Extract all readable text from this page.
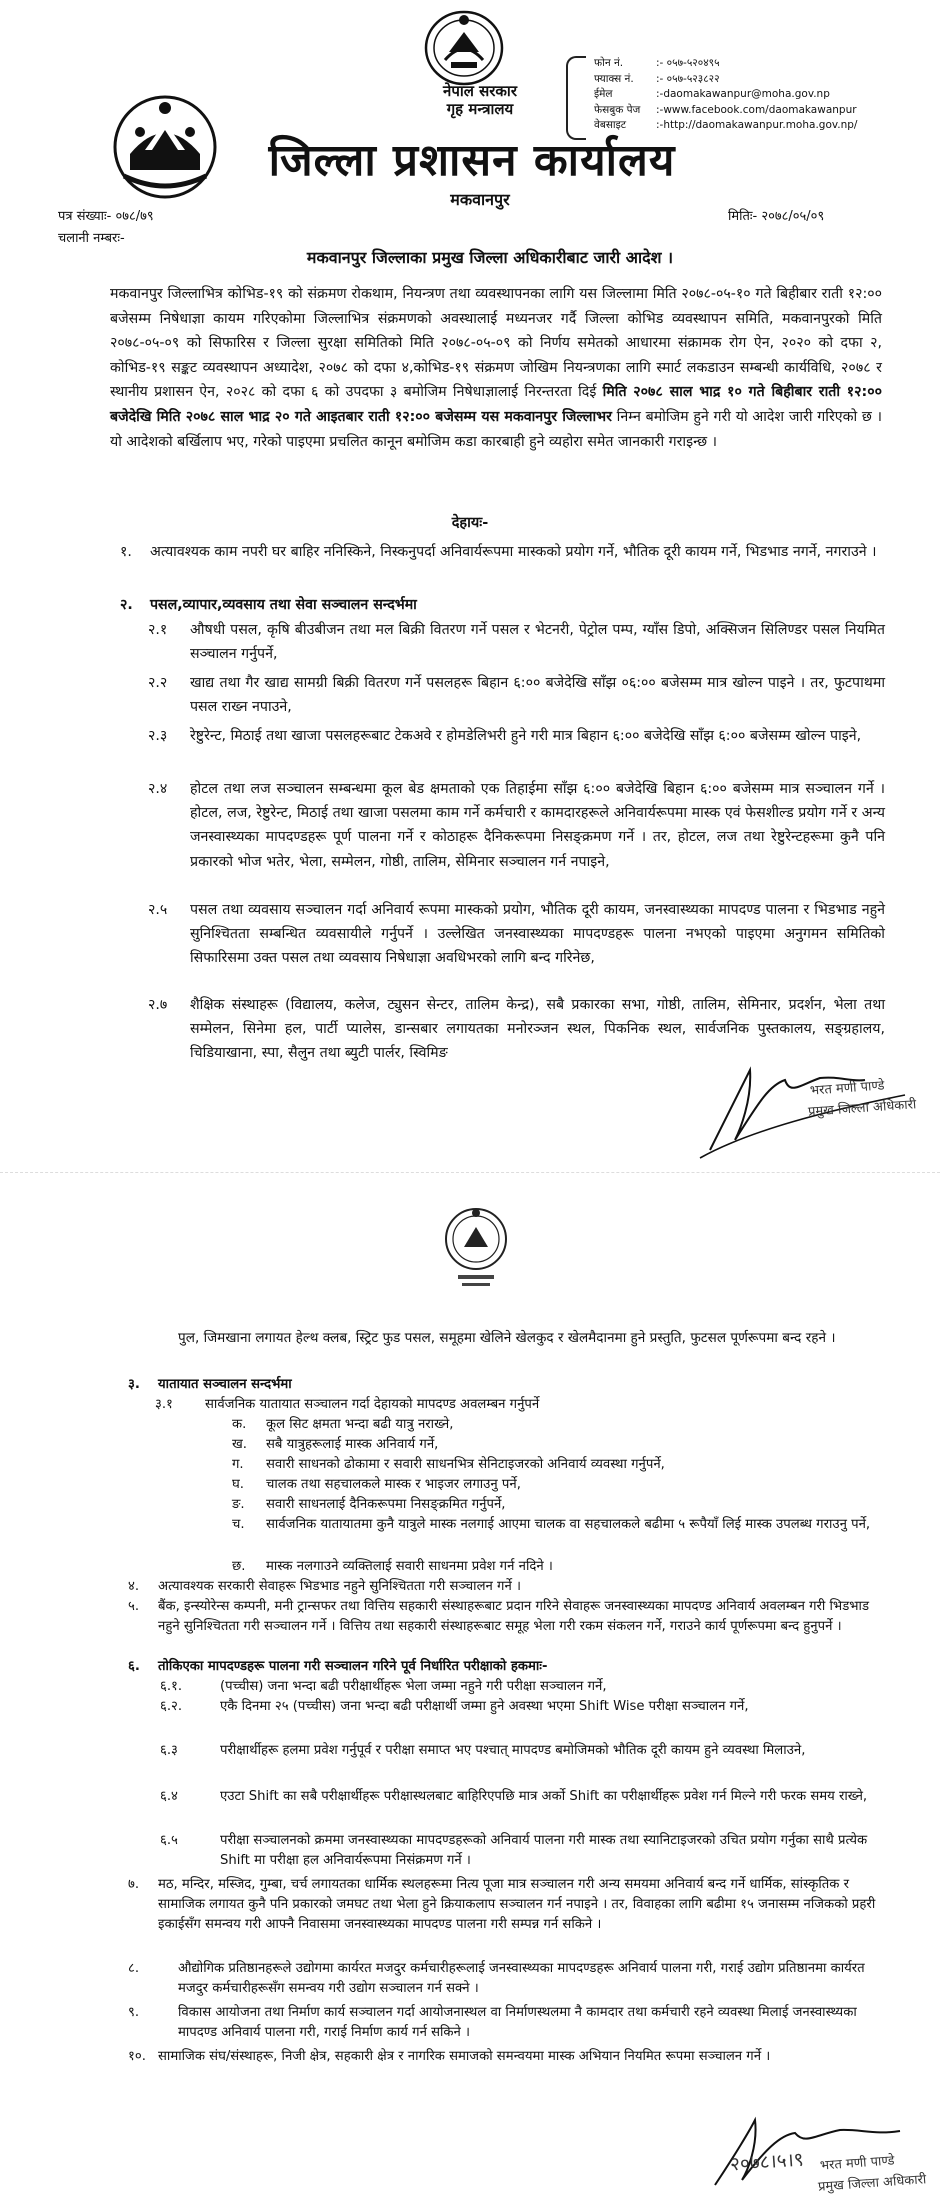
नेपाल सरकार
गृह मन्त्रालय
जिल्ला प्रशासन कार्यालय
मकवानपुर
फोन नं.	:- ०५७-५२०४९५
फ्याक्स नं.	:- ०५७-५२३८२२
ईमेल	:-daomakawanpur@moha.gov.np
फेसबुक पेज	:-www.facebook.com/daomakawanpur
वेबसाइट	:-http://daomakawanpur.moha.gov.np/
पत्र संख्याः- ०७८/७९
चलानी नम्बरः-
मितिः- २०७८/०५/०९
मकवानपुर जिल्लाका प्रमुख जिल्ला अधिकारीबाट जारी आदेश ।
मकवानपुर जिल्लाभित्र कोभिड-१९ को संक्रमण रोकथाम, नियन्त्रण तथा व्यवस्थापनका लागि यस जिल्लामा मिति २०७८-०५-१० गते बिहीबार राती १२:०० बजेसम्म निषेधाज्ञा कायम गरिएकोमा जिल्लाभित्र संक्रमणको अवस्थालाई मध्यनजर गर्दै जिल्ला कोभिड व्यवस्थापन समिति, मकवानपुरको मिति २०७८-०५-०९ को सिफारिस र जिल्ला सुरक्षा समितिको मिति २०७८-०५-०९ को निर्णय समेतको आधारमा संक्रामक रोग ऐन, २०२० को दफा २, कोभिड-१९ सङ्कट व्यवस्थापन अध्यादेश, २०७८ को दफा ४,कोभिड-१९ संक्रमण जोखिम नियन्त्रणका लागि स्मार्ट लकडाउन सम्बन्धी कार्यविधि, २०७८ र स्थानीय प्रशासन ऐन, २०२८ को दफा ६ को उपदफा ३ बमोजिम निषेधाज्ञालाई निरन्तरता दिई मिति २०७८ साल भाद्र १० गते बिहीबार राती १२:०० बजेदेखि मिति २०७८ साल भाद्र २० गते आइतबार राती १२:०० बजेसम्म यस मकवानपुर जिल्लाभर निम्न बमोजिम हुने गरी यो आदेश जारी गरिएको छ । यो आदेशको बर्खिलाप भए, गरेको पाइएमा प्रचलित कानून बमोजिम कडा कारबाही हुने व्यहोरा समेत जानकारी गराइन्छ ।
देहायः-
१. अत्यावश्यक काम नपरी घर बाहिर ननिस्किने, निस्कनुपर्दा अनिवार्यरूपमा मास्कको प्रयोग गर्ने, भौतिक दूरी कायम गर्ने, भिडभाड नगर्ने, नगराउने ।
२. पसल,व्यापार,व्यवसाय तथा सेवा सञ्चालन सन्दर्भमा
२.१ औषधी पसल, कृषि बीउबीजन तथा मल बिक्री वितरण गर्ने पसल र भेटनरी, पेट्रोल पम्प, ग्याँस डिपो, अक्सिजन सिलिण्डर पसल नियमित सञ्चालन गर्नुपर्ने,
२.२ खाद्य तथा गैर खाद्य सामग्री बिक्री वितरण गर्ने पसलहरू बिहान ६:०० बजेदेखि साँझ ०६:०० बजेसम्म मात्र खोल्न पाइने । तर, फुटपाथमा पसल राख्न नपाउने,
२.३ रेष्टुरेन्ट, मिठाई तथा खाजा पसलहरूबाट टेकअवे र होमडेलिभरी हुने गरी मात्र बिहान ६:०० बजेदेखि साँझ ६:०० बजेसम्म खोल्न पाइने,
२.४ होटल तथा लज सञ्चालन सम्बन्धमा कूल बेड क्षमताको एक तिहाईमा साँझ ६:०० बजेदेखि बिहान ६:०० बजेसम्म मात्र सञ्चालन गर्ने । होटल, लज, रेष्टुरेन्ट, मिठाई तथा खाजा पसलमा काम गर्ने कर्मचारी र कामदारहरूले अनिवार्यरूपमा मास्क एवं फेसशील्ड प्रयोग गर्ने र अन्य जनस्वास्थ्यका मापदण्डहरू पूर्ण पालना गर्ने र कोठाहरू दैनिकरूपमा निसङ्क्रमण गर्ने । तर, होटल, लज तथा रेष्टुरेन्टहरूमा कुनै पनि प्रकारको भोज भतेर, भेला, सम्मेलन, गोष्ठी, तालिम, सेमिनार सञ्चालन गर्न नपाइने,
२.५ पसल तथा व्यवसाय सञ्चालन गर्दा अनिवार्य रूपमा मास्कको प्रयोग, भौतिक दूरी कायम, जनस्वास्थ्यका मापदण्ड पालना र भिडभाड नहुने सुनिश्चितता सम्बन्धित व्यवसायीले गर्नुपर्ने । उल्लेखित जनस्वास्थ्यका मापदण्डहरू पालना नभएको पाइएमा अनुगमन समितिको सिफारिसमा उक्त पसल तथा व्यवसाय निषेधाज्ञा अवधिभरको लागि बन्द गरिनेछ,
२.७ शैक्षिक संस्थाहरू (विद्यालय, कलेज, ट्युसन सेन्टर, तालिम केन्द्र), सबै प्रकारका सभा, गोष्ठी, तालिम, सेमिनार, प्रदर्शन, भेला तथा सम्मेलन, सिनेमा हल, पार्टी प्यालेस, डान्सबार लगायतका मनोरञ्जन स्थल, पिकनिक स्थल, सार्वजनिक पुस्तकालय, सङ्ग्रहालय, चिडियाखाना, स्पा, सैलुन तथा ब्युटी पार्लर, स्विमिङ
भरत मणी पाण्डे
प्रमुख जिल्ला अधिकारी
पुल, जिमखाना लगायत हेल्थ क्लब, स्ट्रिट फुड पसल, समूहमा खेलिने खेलकुद र खेलमैदानमा हुने प्रस्तुति, फुटसल पूर्णरूपमा बन्द रहने ।
३. यातायात सञ्चालन सन्दर्भमा
३.१ सार्वजनिक यातायात सञ्चालन गर्दा देहायको मापदण्ड अवलम्बन गर्नुपर्ने
क. कूल सिट क्षमता भन्दा बढी यात्रु नराख्ने,
ख. सबै यात्रुहरूलाई मास्क अनिवार्य गर्ने,
ग. सवारी साधनको ढोकामा र सवारी साधनभित्र सेनिटाइजरको अनिवार्य व्यवस्था गर्नुपर्ने,
घ. चालक तथा सहचालकले मास्क र भाइजर लगाउनु पर्ने,
ङ. सवारी साधनलाई दैनिकरूपमा निसङ्क्रमित गर्नुपर्ने,
च. सार्वजनिक यातायातमा कुनै यात्रुले मास्क नलगाई आएमा चालक वा सहचालकले बढीमा ५ रूपैयाँ लिई मास्क उपलब्ध गराउनु पर्ने,
छ. मास्क नलगाउने व्यक्तिलाई सवारी साधनमा प्रवेश गर्न नदिने ।
४. अत्यावश्यक सरकारी सेवाहरू भिडभाड नहुने सुनिश्चितता गरी सञ्चालन गर्ने ।
५. बैंक, इन्स्योरेन्स कम्पनी, मनी ट्रान्सफर तथा वित्तिय सहकारी संस्थाहरूबाट प्रदान गरिने सेवाहरू जनस्वास्थ्यका मापदण्ड अनिवार्य अवलम्बन गरी भिडभाड नहुने सुनिश्चितता गरी सञ्चालन गर्ने । वित्तिय तथा सहकारी संस्थाहरूबाट समूह भेला गरी रकम संकलन गर्ने, गराउने कार्य पूर्णरूपमा बन्द हुनुपर्ने ।
६. तोकिएका मापदण्डहरू पालना गरी सञ्चालन गरिने पूर्व निर्धारित परीक्षाको हकमाः-
६.१.	(पच्चीस) जना भन्दा बढी परीक्षार्थीहरू भेला जम्मा नहुने गरी परीक्षा सञ्चालन गर्ने,
६.२.	एकै दिनमा २५ (पच्चीस) जना भन्दा बढी परीक्षार्थी जम्मा हुने अवस्था भएमा Shift Wise परीक्षा सञ्चालन गर्ने,
६.३	परीक्षार्थीहरू हलमा प्रवेश गर्नुपूर्व र परीक्षा समाप्त भए पश्चात् मापदण्ड बमोजिमको भौतिक दूरी कायम हुने व्यवस्था मिलाउने,
६.४	एउटा Shift का सबै परीक्षार्थीहरू परीक्षास्थलबाट बाहिरिएपछि मात्र अर्को Shift का परीक्षार्थीहरू प्रवेश गर्न मिल्ने गरी फरक समय राख्ने,
६.५	परीक्षा सञ्चालनको क्रममा जनस्वास्थ्यका मापदण्डहरूको अनिवार्य पालना गरी मास्क तथा स्यानिटाइजरको उचित प्रयोग गर्नुका साथै प्रत्येक Shift मा परीक्षा हल अनिवार्यरूपमा निसंक्रमण गर्ने ।
७. मठ, मन्दिर, मस्जिद, गुम्बा, चर्च लगायतका धार्मिक स्थलहरूमा नित्य पूजा मात्र सञ्चालन गरी अन्य समयमा अनिवार्य बन्द गर्ने धार्मिक, सांस्कृतिक र सामाजिक लगायत कुनै पनि प्रकारको जमघट तथा भेला हुने क्रियाकलाप सञ्चालन गर्न नपाइने । तर, विवाहका लागि बढीमा १५ जनासम्म नजिकको प्रहरी इकाईसँग समन्वय गरी आफ्नै निवासमा जनस्वास्थ्यका मापदण्ड पालना गरी सम्पन्न गर्न सकिने ।
८.	औद्योगिक प्रतिष्ठानहरूले उद्योगमा कार्यरत मजदुर कर्मचारीहरूलाई जनस्वास्थ्यका मापदण्डहरू अनिवार्य पालना गरी, गराई उद्योग प्रतिष्ठानमा कार्यरत मजदुर कर्मचारीहरूसँग समन्वय गरी उद्योग सञ्चालन गर्न सक्ने ।
९.	विकास आयोजना तथा निर्माण कार्य सञ्चालन गर्दा आयोजनास्थल वा निर्माणस्थलमा नै कामदार तथा कर्मचारी रहने व्यवस्था मिलाई जनस्वास्थ्यका मापदण्ड अनिवार्य पालना गरी, गराई निर्माण कार्य गर्न सकिने ।
१०. सामाजिक संघ/संस्थाहरू, निजी क्षेत्र, सहकारी क्षेत्र र नागरिक समाजको समन्वयमा मास्क अभियान नियमित रूपमा सञ्चालन गर्ने ।
२०७८।५।९ भरत मणी पाण्डे
प्रमुख जिल्ला अधिकारी
